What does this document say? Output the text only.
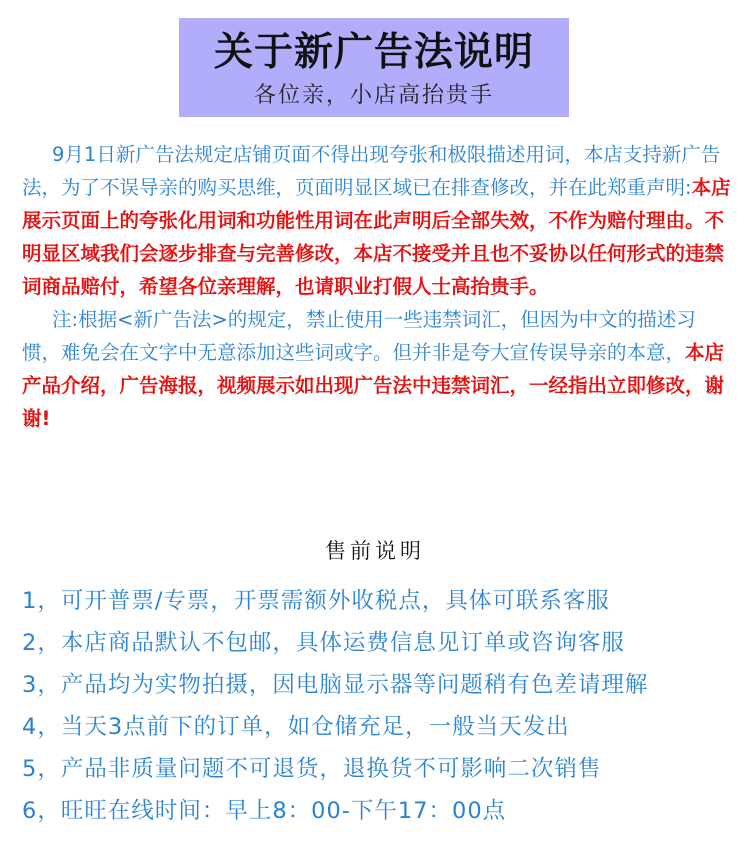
关于新广告法说明
各位亲，小店高抬贵手

9月1日新广告法规定店铺页面不得出现夸张和极限描述用词，本店支持新广告法，为了不误导亲的购买思维，页面明显区域已在排查修改，并在此郑重声明:本店展示页面上的夸张化用词和功能性用词在此声明后全部失效，不作为赔付理由。不明显区域我们会逐步排查与完善修改，本店不接受并且也不妥协以任何形式的违禁词商品赔付，希望各位亲理解，也请职业打假人士高抬贵手。

注:根据<新广告法>的规定，禁止使用一些违禁词汇，但因为中文的描述习惯，难免会在文字中无意添加这些词或字。但并非是夸大宣传误导亲的本意，本店产品介绍，广告海报，视频展示如出现广告法中违禁词汇，一经指出立即修改，谢谢!

售前说明
1，可开普票/专票，开票需额外收税点，具体可联系客服
2，本店商品默认不包邮，具体运费信息见订单或咨询客服
3，产品均为实物拍摄，因电脑显示器等问题稍有色差请理解
4，当天3点前下的订单，如仓储充足，一般当天发出
5，产品非质量问题不可退货，退换货不可影响二次销售
6，旺旺在线时间：早上8：00-下午17：00点
